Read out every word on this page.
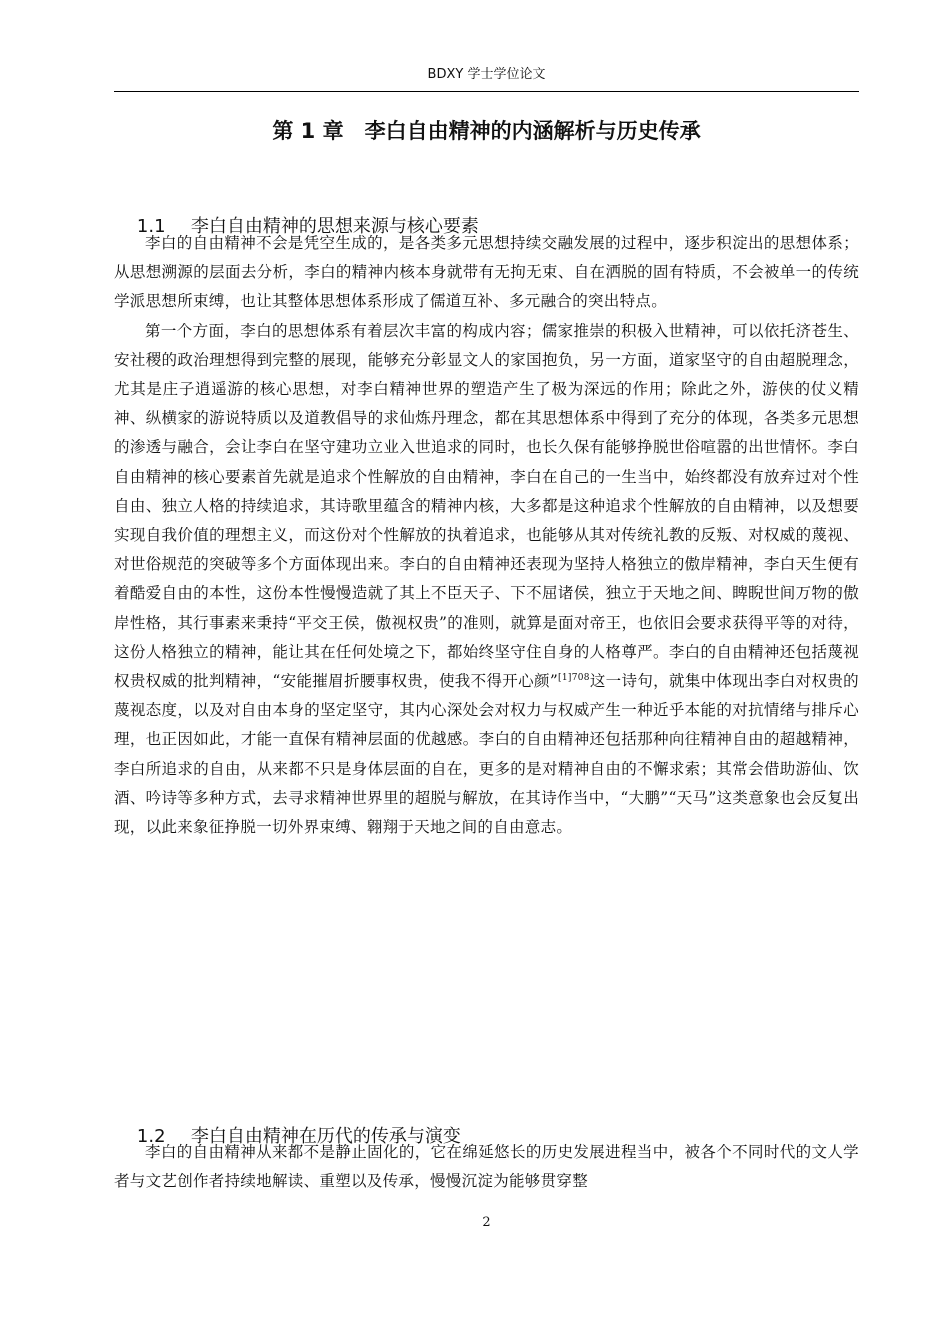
BDXY 学士学位论文
第 1 章　李白自由精神的内涵解析与历史传承

1.1 李白自由精神的思想来源与核心要素

李白的自由精神不会是凭空生成的，是各类多元思想持续交融发展的过程中，逐步积淀出的思想体系；从思想溯源的层面去分析，李白的精神内核本身就带有无拘无束、自在洒脱的固有特质，不会被单一的传统学派思想所束缚，也让其整体思想体系形成了儒道互补、多元融合的突出特点。

第一个方面，李白的思想体系有着层次丰富的构成内容；儒家推崇的积极入世精神，可以依托济苍生、安社稷的政治理想得到完整的展现，能够充分彰显文人的家国抱负，另一方面，道家坚守的自由超脱理念，尤其是庄子逍遥游的核心思想，对李白精神世界的塑造产生了极为深远的作用；除此之外，游侠的仗义精神、纵横家的游说特质以及道教倡导的求仙炼丹理念，都在其思想体系中得到了充分的体现，各类多元思想的渗透与融合，会让李白在坚守建功立业入世追求的同时，也长久保有能够挣脱世俗喧嚣的出世情怀。李白自由精神的核心要素首先就是追求个性解放的自由精神，李白在自己的一生当中，始终都没有放弃过对个性自由、独立人格的持续追求，其诗歌里蕴含的精神内核，大多都是这种追求个性解放的自由精神，以及想要实现自我价值的理想主义，而这份对个性解放的执着追求，也能够从其对传统礼教的反叛、对权威的蔑视、对世俗规范的突破等多个方面体现出来。李白的自由精神还表现为坚持人格独立的傲岸精神，李白天生便有着酷爱自由的本性，这份本性慢慢造就了其上不臣天子、下不屈诸侯，独立于天地之间、睥睨世间万物的傲岸性格，其行事素来秉持“平交王侯，傲视权贵”的准则，就算是面对帝王，也依旧会要求获得平等的对待，这份人格独立的精神，能让其在任何处境之下，都始终坚守住自身的人格尊严。李白的自由精神还包括蔑视权贵权威的批判精神，“安能摧眉折腰事权贵，使我不得开心颜”$^{[1]708}$这一诗句，就集中体现出李白对权贵的蔑视态度，以及对自由本身的坚定坚守，其内心深处会对权力与权威产生一种近乎本能的对抗情绪与排斥心理，也正因如此，才能一直保有精神层面的优越感。李白的自由精神还包括那种向往精神自由的超越精神，李白所追求的自由，从来都不只是身体层面的自在，更多的是对精神自由的不懈求索；其常会借助游仙、饮酒、吟诗等多种方式，去寻求精神世界里的超脱与解放，在其诗作当中，“大鹏”“天马”这类意象也会反复出现，以此来象征挣脱一切外界束缚、翱翔于天地之间的自由意志。

1.2 李白自由精神在历代的传承与演变

李白的自由精神从来都不是静止固化的，它在绵延悠长的历史发展进程当中，被各个不同时代的文人学者与文艺创作者持续地解读、重塑以及传承，慢慢沉淀为能够贯穿整

2
